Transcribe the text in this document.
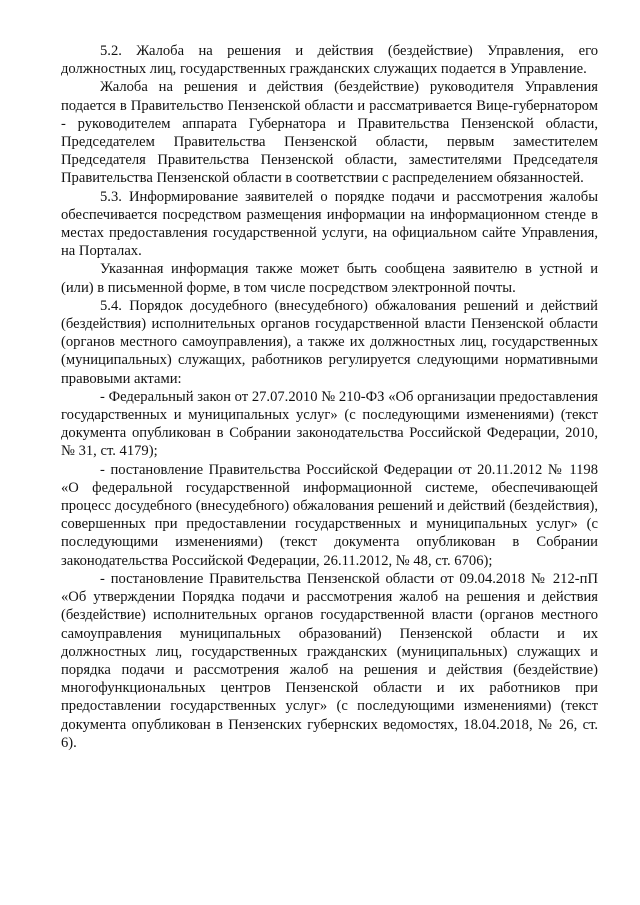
5.2. Жалоба на решения и действия (бездействие) Управления, его должностных лиц, государственных гражданских служащих подается в Управление.

Жалоба на решения и действия (бездействие) руководителя Управления подается в Правительство Пензенской области и рассматривается Вице-губернатором - руководителем аппарата Губернатора и Правительства Пензенской области, Председателем Правительства Пензенской области, первым заместителем Председателя Правительства Пензенской области, заместителями Председателя Правительства Пензенской области в соответствии с распределением обязанностей.

5.3. Информирование заявителей о порядке подачи и рассмотрения жалобы обеспечивается посредством размещения информации на информационном стенде в местах предоставления государственной услуги, на официальном сайте Управления, на Порталах.

Указанная информация также может быть сообщена заявителю в устной и (или) в письменной форме, в том числе посредством электронной почты.

5.4. Порядок досудебного (внесудебного) обжалования решений и действий (бездействия) исполнительных органов государственной власти Пензенской области (органов местного самоуправления), а также их должностных лиц, государственных (муниципальных) служащих, работников регулируется следующими нормативными правовыми актами:

- Федеральный закон от 27.07.2010 № 210-ФЗ «Об организации предоставления государственных и муниципальных услуг» (с последующими изменениями) (текст документа опубликован в Собрании законодательства Российской Федерации, 2010, № 31, ст. 4179);

- постановление Правительства Российской Федерации от 20.11.2012 № 1198 «О федеральной государственной информационной системе, обеспечивающей процесс досудебного (внесудебного) обжалования решений и действий (бездействия), совершенных при предоставлении государственных и муниципальных услуг» (с последующими изменениями) (текст документа опубликован в Собрании законодательства Российской Федерации, 26.11.2012, № 48, ст. 6706);

- постановление Правительства Пензенской области от 09.04.2018 № 212-пП «Об утверждении Порядка подачи и рассмотрения жалоб на решения и действия (бездействие) исполнительных органов государственной власти (органов местного самоуправления муниципальных образований) Пензенской области и их должностных лиц, государственных гражданских (муниципальных) служащих и порядка подачи и рассмотрения жалоб на решения и действия (бездействие) многофункциональных центров Пензенской области и их работников при предоставлении государственных услуг» (с последующими изменениями) (текст документа опубликован в Пензенских губернских ведомостях, 18.04.2018, № 26, ст. 6).
